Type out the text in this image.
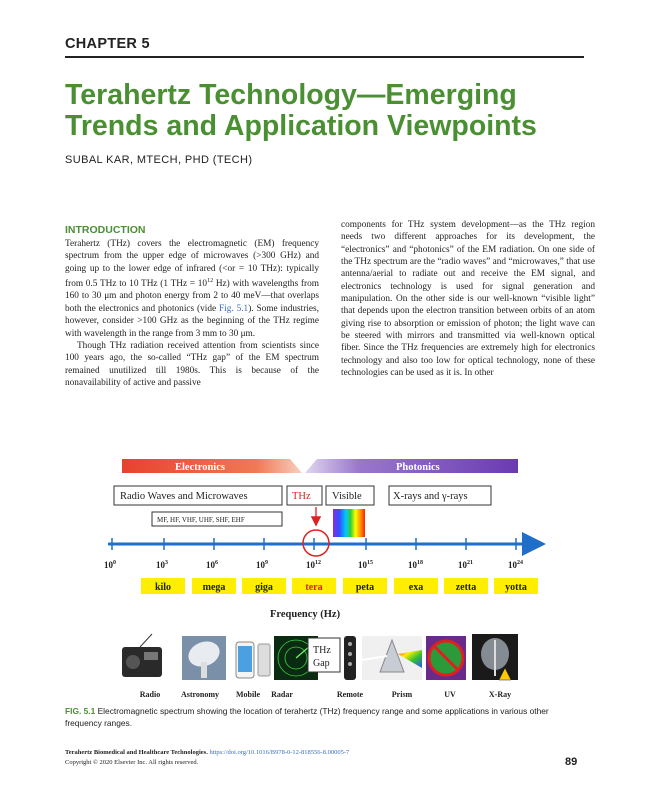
CHAPTER 5
Terahertz Technology—Emerging
Trends and Application Viewpoints
SUBAL KAR, MTECH, PHD (TECH)
INTRODUCTION

Terahertz (THz) covers the electromagnetic (EM) frequency spectrum from the upper edge of microwaves (>300 GHz) and going up to the lower edge of infrared (<or = 10 THz): typically from 0.5 THz to 10 THz (1 THz = $10^{12}$ Hz) with wavelengths from 160 to 30 μm and photon energy from 2 to 40 meV—that overlaps both the electronics and photonics (vide Fig. 5.1). Some industries, however, consider >100 GHz as the beginning of the THz regime with wavelength in the range from 3 mm to 30 μm.

Though THz radiation received attention from scientists since 100 years ago, the so-called “THz gap” of the EM spectrum remained unutilized till 1980s. This is because of the nonavailability of active and passive

components for THz system development—as the THz region needs two different approaches for its development, the “electronics” and “photonics” of the EM radiation. On one side of the THz spectrum are the “radio waves” and “microwaves,” that use antenna/aerial to radiate out and receive the EM signal, and electronics technology is used for signal generation and manipulation. On the other side is our well-known “visible light” that depends upon the electron transition between orbits of an atom giving rise to absorption or emission of photon; the light wave can be steered with mirrors and transmitted via well-known optical fiber. Since the THz frequencies are extremely high for electronics technology and also too low for optical technology, none of these technologies can be used as it is. In other

Electronics	Photonics
Radio Waves and Microwaves	THz Visible	X-rays and γ-rays
MF, HF, VHF, UHF, SHF, EHF
$10^0$	$10^3$	$10^6$	$10^9$	$10^{12}$	$10^{15}$	$10^{18}$	$10^{21}$	$10^{24}$
kilo	mega	giga	tera	peta	exa	zetta	yotta
Frequency (Hz)
THz
Gap
Radio	Astronomy Mobile Radar	Remote	Prism	UV	X-Ray
FIG. 5.1 Electromagnetic spectrum showing the location of terahertz (THz) frequency range and some applications in various other frequency ranges.
Terahertz Biomedical and Healthcare Technologies. https://doi.org/10.1016/B978-0-12-818556-8.00005-7
Copyright © 2020 Elsevier Inc. All rights reserved.	89
